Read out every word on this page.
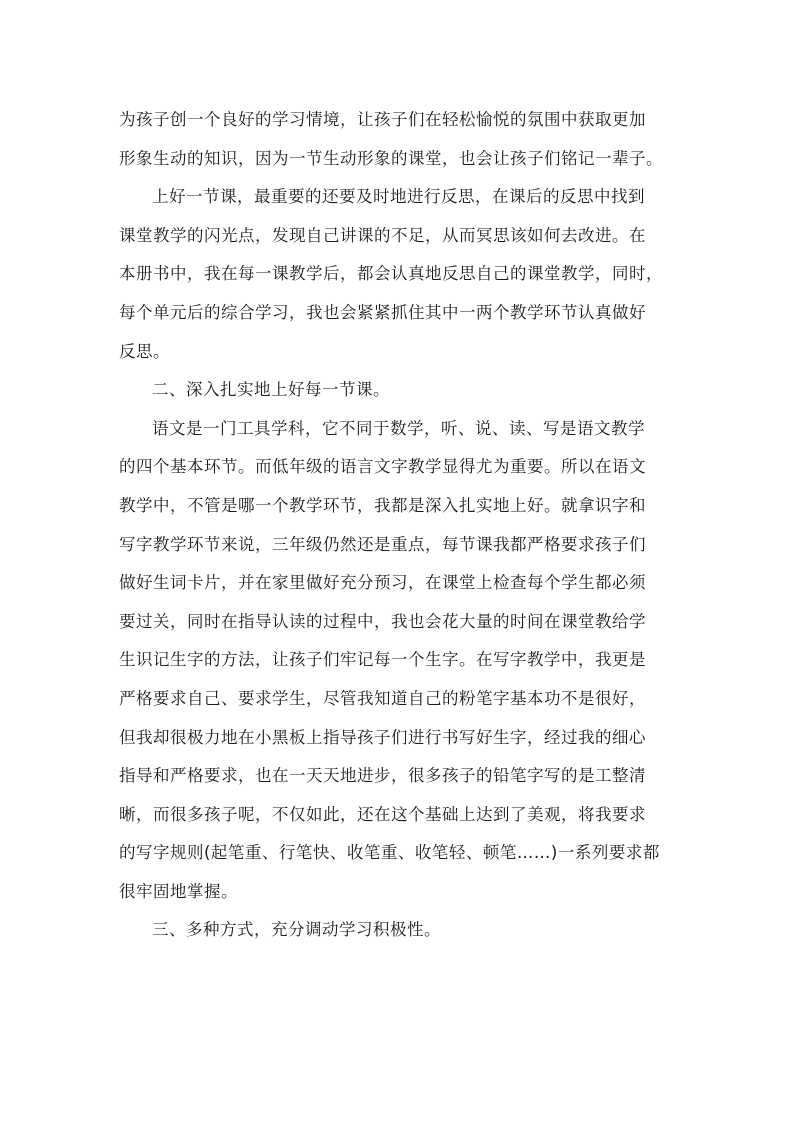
为孩子创一个良好的学习情境，让孩子们在轻松愉悦的氛围中获取更加
形象生动的知识，因为一节生动形象的课堂，也会让孩子们铭记一辈子。

上好一节课，最重要的还要及时地进行反思，在课后的反思中找到
课堂教学的闪光点，发现自己讲课的不足，从而冥思该如何去改进。在
本册书中，我在每一课教学后，都会认真地反思自己的课堂教学，同时，
每个单元后的综合学习，我也会紧紧抓住其中一两个教学环节认真做好
反思。

二、深入扎实地上好每一节课。

语文是一门工具学科，它不同于数学，听、说、读、写是语文教学
的四个基本环节。而低年级的语言文字教学显得尤为重要。所以在语文
教学中，不管是哪一个教学环节，我都是深入扎实地上好。就拿识字和
写字教学环节来说，三年级仍然还是重点，每节课我都严格要求孩子们
做好生词卡片，并在家里做好充分预习，在课堂上检查每个学生都必须
要过关，同时在指导认读的过程中，我也会花大量的时间在课堂教给学
生识记生字的方法，让孩子们牢记每一个生字。在写字教学中，我更是
严格要求自己、要求学生，尽管我知道自己的粉笔字基本功不是很好，
但我却很极力地在小黑板上指导孩子们进行书写好生字，经过我的细心
指导和严格要求，也在一天天地进步，很多孩子的铅笔字写的是工整清
晰，而很多孩子呢，不仅如此，还在这个基础上达到了美观，将我要求
的写字规则(起笔重、行笔快、收笔重、收笔轻、顿笔……)一系列要求都
很牢固地掌握。

三、多种方式，充分调动学习积极性。
